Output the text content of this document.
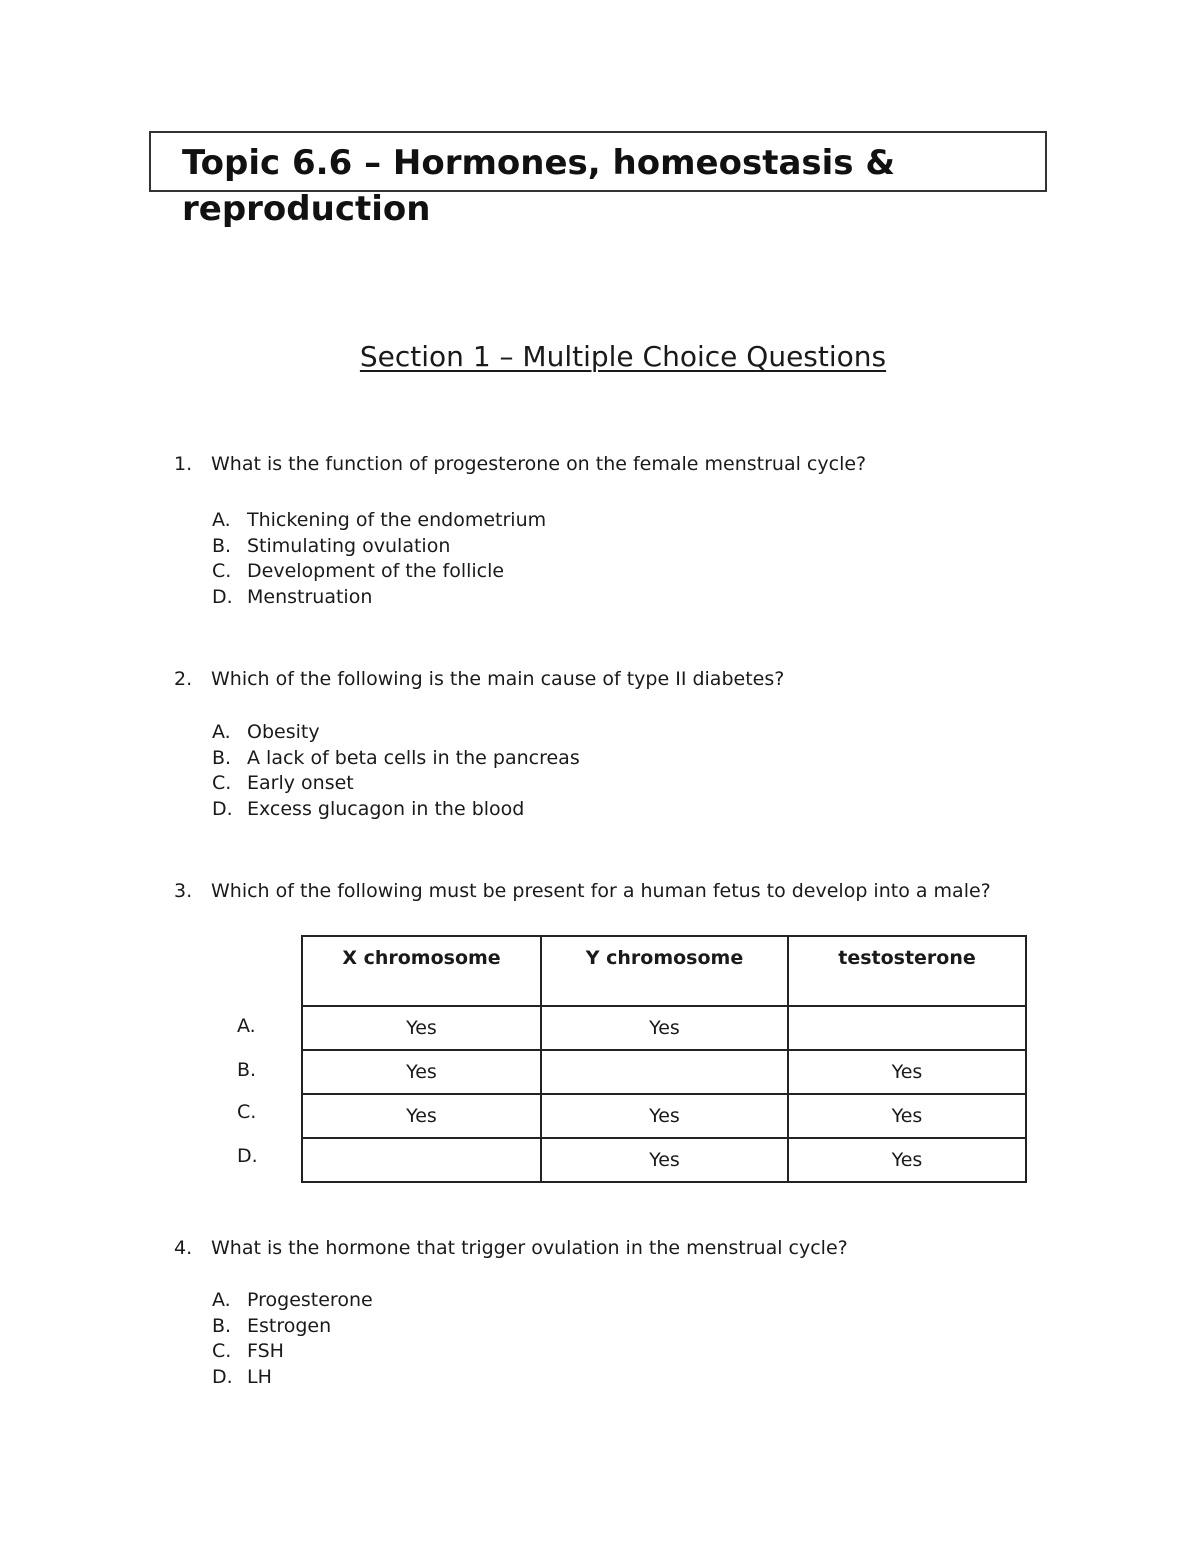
Topic 6.6 – Hormones, homeostasis & reproduction
Section 1 – Multiple Choice Questions
1. What is the function of progesterone on the female menstrual cycle?
A. Thickening of the endometrium
B. Stimulating ovulation
C. Development of the follicle
D. Menstruation
2. Which of the following is the main cause of type II diabetes?
A. Obesity
B. A lack of beta cells in the pancreas
C. Early onset
D. Excess glucagon in the blood
3. Which of the following must be present for a human fetus to develop into a male?
A.
B.
C.
D.
X chromosome	Y chromosome	testosterone
Yes	Yes	
Yes		Yes
Yes	Yes	Yes
	Yes	Yes
4. What is the hormone that trigger ovulation in the menstrual cycle?
A. Progesterone
B. Estrogen
C. FSH
D. LH
